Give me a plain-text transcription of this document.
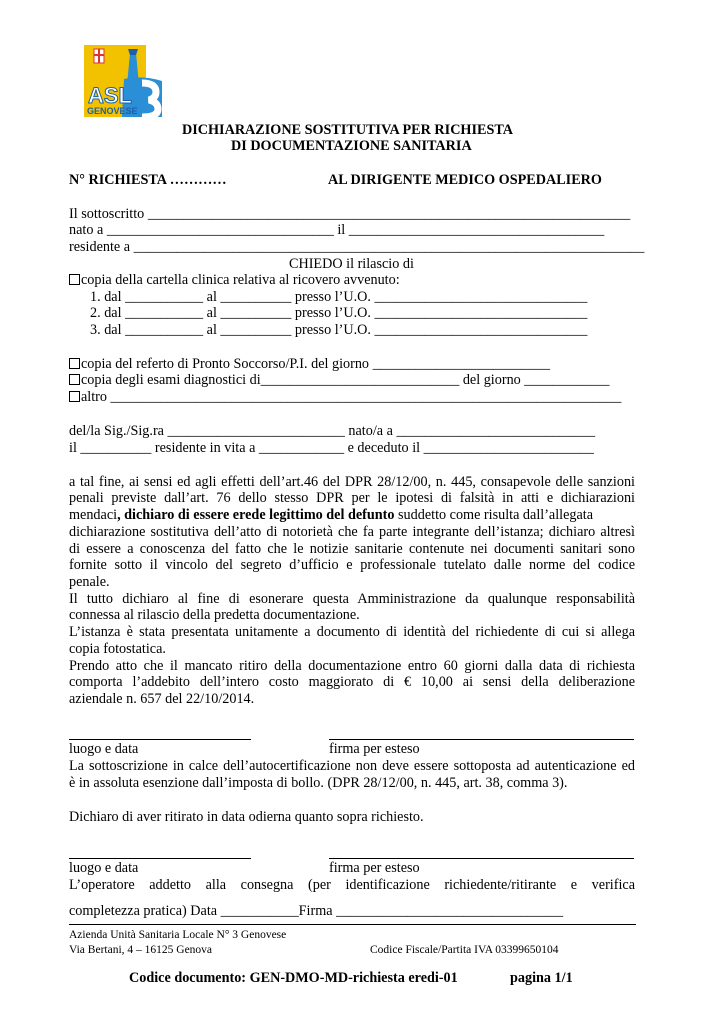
ASL
GENOVESE
DICHIARAZIONE SOSTITUTIVA PER RICHIESTA
DI DOCUMENTAZIONE SANITARIA
N° RICHIESTA …………	AL DIRIGENTE MEDICO OSPEDALIERO
Il sottoscritto ____________________________________________________________________
nato a ________________________________ il ____________________________________
residente a ________________________________________________________________________
CHIEDO il rilascio di
copia della cartella clinica relativa al ricovero avvenuto:
1. dal ___________ al __________ presso l’U.O. ______________________________
2. dal ___________ al __________ presso l’U.O. ______________________________
3. dal ___________ al __________ presso l’U.O. ______________________________
copia del referto di Pronto Soccorso/P.I. del giorno _________________________
copia degli esami diagnostici di____________________________ del giorno ____________
altro ________________________________________________________________________
del/la Sig./Sig.ra _________________________ nato/a a ____________________________
il __________ residente in vita a ____________ e deceduto il ________________________
a tal fine, ai sensi ed agli effetti dell’art.46 del DPR 28/12/00, n. 445, consapevole delle sanzioni
penali previste dall’art. 76 dello stesso DPR per le ipotesi di falsità in atti e dichiarazioni
mendaci, dichiaro di essere erede legittimo del defunto suddetto come risulta dall’allegata
dichiarazione sostitutiva dell’atto di notorietà che fa parte integrante dell’istanza; dichiaro altresì
di essere a conoscenza del fatto che le notizie sanitarie contenute nei documenti sanitari sono
fornite sotto il vincolo del segreto d’ufficio e professionale tutelato dalle norme del codice
penale.
Il tutto dichiaro al fine di esonerare questa Amministrazione da qualunque responsabilità
connessa al rilascio della predetta documentazione.
L’istanza è stata presentata unitamente a documento di identità del richiedente di cui si allega
copia fotostatica.
Prendo atto che il mancato ritiro della documentazione entro 60 giorni dalla data di richiesta
comporta l’addebito dell’intero costo maggiorato di € 10,00 ai sensi della deliberazione
aziendale n. 657 del 22/10/2014.
luogo e data	firma per esteso
La sottoscrizione in calce dell’autocertificazione non deve essere sottoposta ad autenticazione ed
è in assoluta esenzione dall’imposta di bollo. (DPR 28/12/00, n. 445, art. 38, comma 3).
Dichiaro di aver ritirato in data odierna quanto sopra richiesto.
luogo e data	firma per esteso
L’operatore addetto alla consegna (per identificazione richiedente/ritirante e verifica
completezza pratica) Data ___________Firma ________________________________
Azienda Unità Sanitaria Locale N° 3 Genovese
Via Bertani, 4 – 16125 Genova	Codice Fiscale/Partita IVA 03399650104
Codice documento: GEN-DMO-MD-richiesta eredi-01	pagina 1/1
